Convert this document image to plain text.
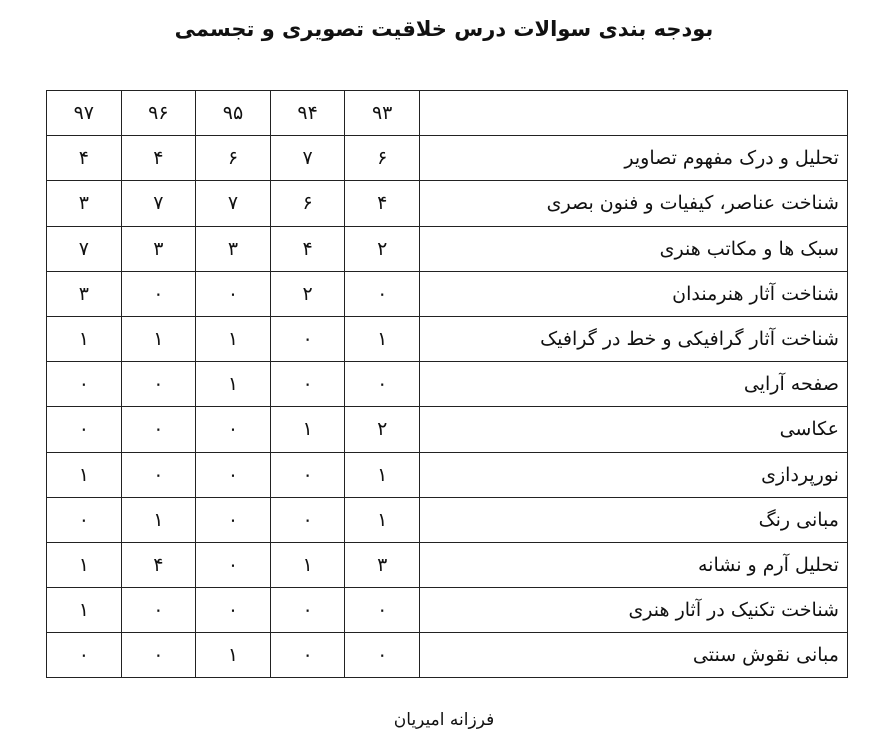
بودجه بندی سوالات درس خلاقیت تصویری و تجسمی
۹۷	۹۶	۹۵	۹۴	۹۳	
۴	۴	۶	۷	۶	تحلیل و درک مفهوم تصاویر
۳	۷	۷	۶	۴	شناخت عناصر، کیفیات و فنون بصری
۷	۳	۳	۴	۲	سبک ها و مکاتب هنری
۳	۰	۰	۲	۰	شناخت آثار هنرمندان
۱	۱	۱	۰	۱	شناخت آثار گرافیکی و خط در گرافیک
۰	۰	۱	۰	۰	صفحه آرایی
۰	۰	۰	۱	۲	عکاسی
۱	۰	۰	۰	۱	نورپردازی
۰	۱	۰	۰	۱	مبانی رنگ
۱	۴	۰	۱	۳	تحلیل آرم و نشانه
۱	۰	۰	۰	۰	شناخت تکنیک در آثار هنری
۰	۰	۱	۰	۰	مبانی نقوش سنتی
فرزانه امیریان
